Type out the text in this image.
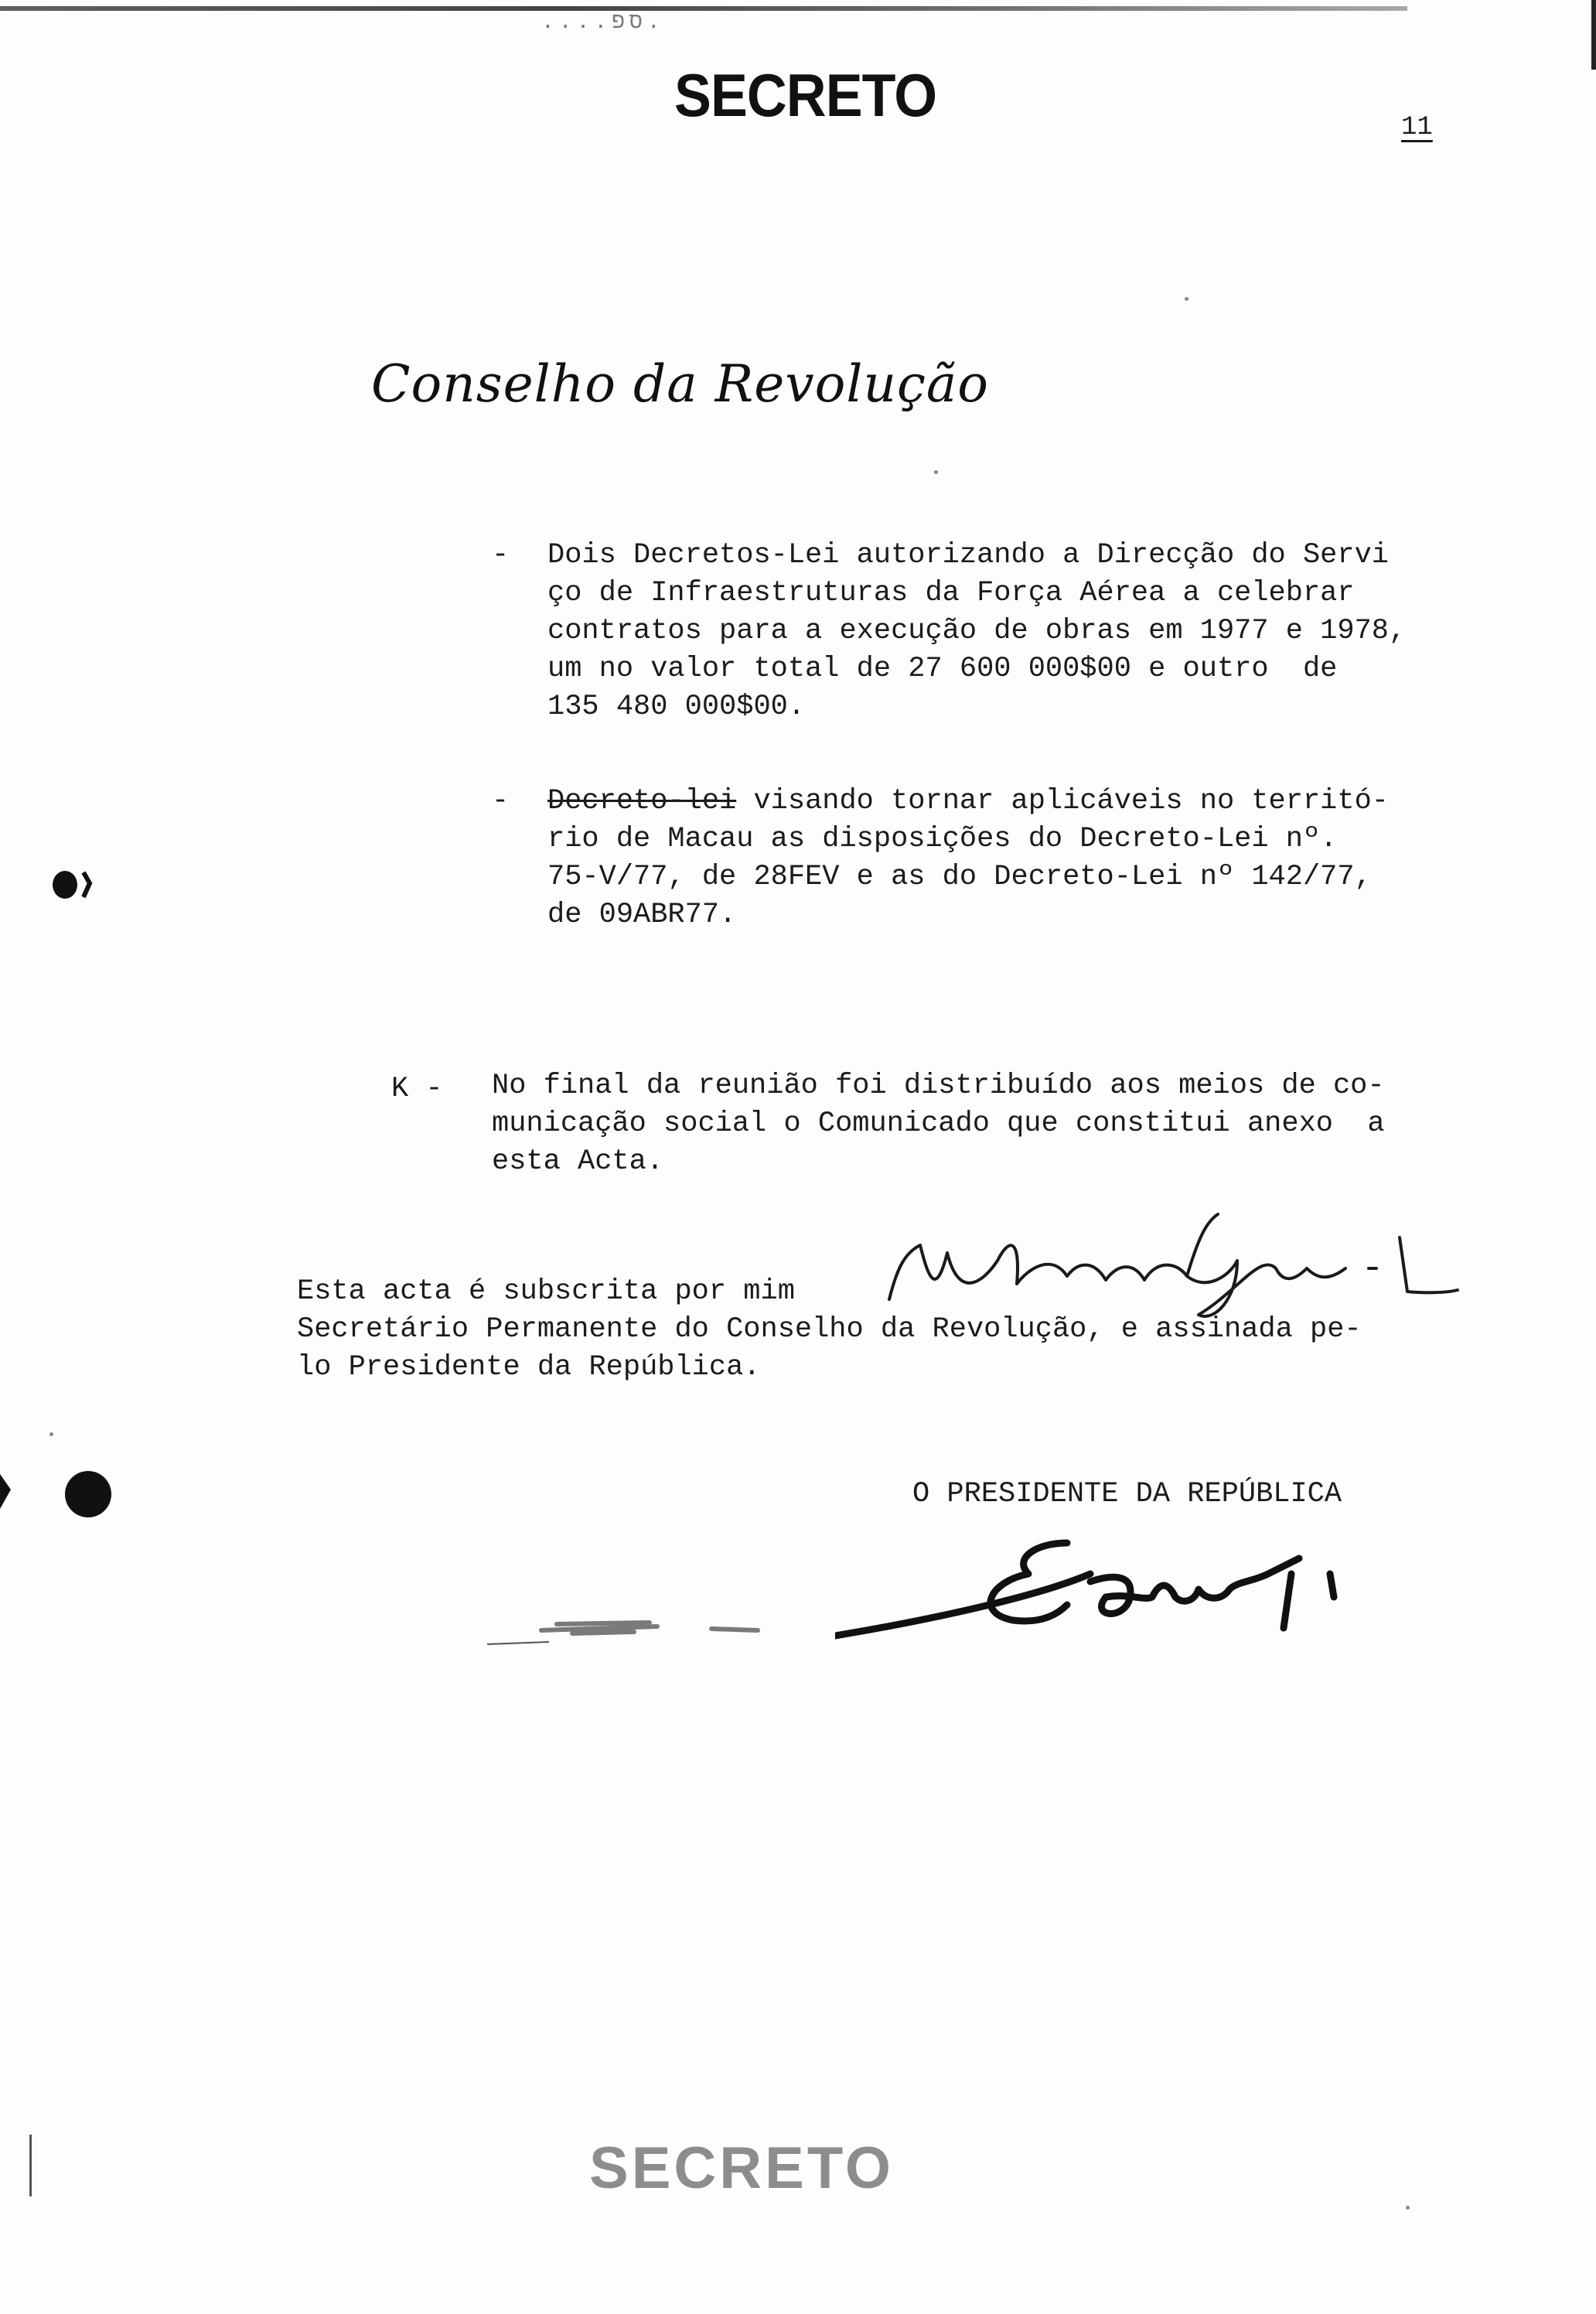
....ספ.
SECRETO	11
Conselho da Revolução
- Dois Decretos-Lei autorizando a Direcção do Servi
ço de Infraestruturas da Força Aérea a celebrar
contratos para a execução de obras em 1977 e 1978,
um no valor total de 27 600 000$00 e outro  de
135 480 000$00.
- Decreto-lei visando tornar aplicáveis no territó-
rio de Macau as disposições do Decreto-Lei nº.
75-V/77, de 28FEV e as do Decreto-Lei nº 142/77,
de 09ABR77.
K - No final da reunião foi distribuído aos meios de co-
municação social o Comunicado que constitui anexo  a
esta Acta.
Esta acta é subscrita por mim
Secretário Permanente do Conselho da Revolução, e assinada pe-
lo Presidente da República.
O PRESIDENTE DA REPÚBLICA
SECRETO
